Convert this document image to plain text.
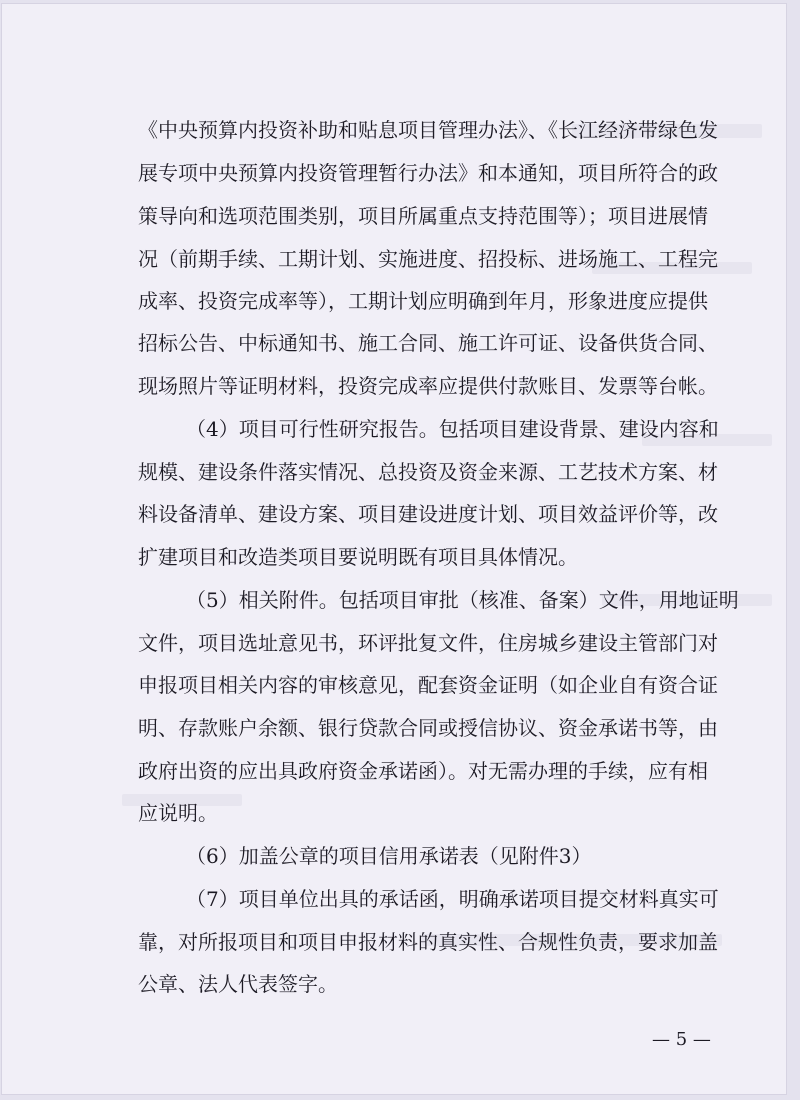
《中央预算内投资补助和贴息项目管理办法》、《长江经济带绿色发
展专项中央预算内投资管理暂行办法》和本通知，项目所符合的政
策导向和选项范围类别，项目所属重点支持范围等）；项目进展情
况（前期手续、工期计划、实施进度、招投标、进场施工、工程完
成率、投资完成率等），工期计划应明确到年月，形象进度应提供
招标公告、中标通知书、施工合同、施工许可证、设备供货合同、
现场照片等证明材料，投资完成率应提供付款账目、发票等台帐。
（4）项目可行性研究报告。包括项目建设背景、建设内容和
规模、建设条件落实情况、总投资及资金来源、工艺技术方案、材
料设备清单、建设方案、项目建设进度计划、项目效益评价等，改
扩建项目和改造类项目要说明既有项目具体情况。
（5）相关附件。包括项目审批（核准、备案）文件，用地证明
文件，项目选址意见书，环评批复文件，住房城乡建设主管部门对
申报项目相关内容的审核意见，配套资金证明（如企业自有资合证
明、存款账户余额、银行贷款合同或授信协议、资金承诺书等，由
政府出资的应出具政府资金承诺函）。对无需办理的手续，应有相
应说明。
（6）加盖公章的项目信用承诺表（见附件3）
（7）项目单位出具的承话函，明确承诺项目提交材料真实可
靠，对所报项目和项目申报材料的真实性、合规性负责，要求加盖
公章、法人代表签字。
— 5 —
